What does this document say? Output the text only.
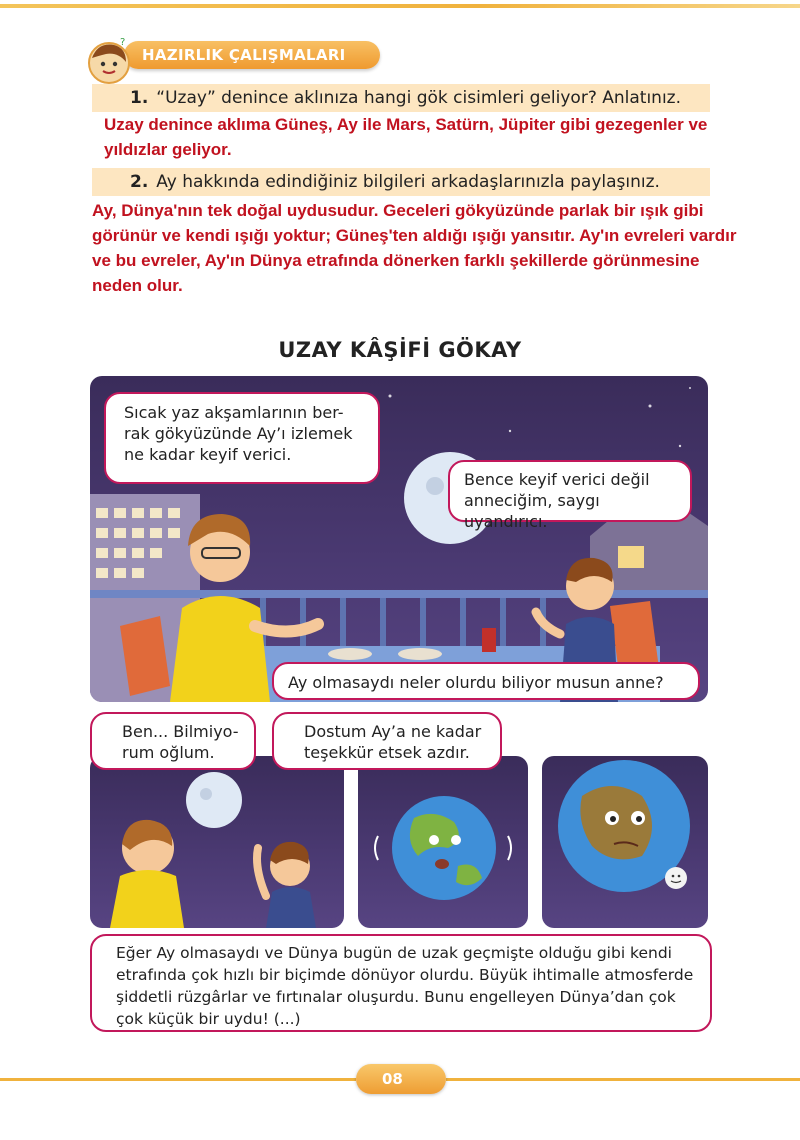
HAZIRLIK ÇALIŞMALARI
?
1. “Uzay” denince aklınıza hangi gök cisimleri geliyor? Anlatınız.
Uzay denince aklıma Güneş, Ay ile Mars, Satürn, Jüpiter gibi gezegenler ve
yıldızlar geliyor.
2. Ay hakkında edindiğiniz bilgileri arkadaşlarınızla paylaşınız.
Ay, Dünya'nın tek doğal uydusudur. Geceleri gökyüzünde parlak bir ışık gibi
görünür ve kendi ışığı yoktur; Güneş'ten aldığı ışığı yansıtır. Ay'ın evreleri vardır
ve bu evreler, Ay'ın Dünya etrafında dönerken farklı şekillerde görünmesine
neden olur.
UZAY KÂŞİFİ GÖKAY
Sıcak yaz akşamlarının ber-
rak gökyüzünde Ay’ı izlemek
ne kadar keyif verici.
Bence keyif verici değil
anneciğim, saygı uyandırıcı.
Ay olmasaydı neler olurdu biliyor musun anne?
Ben... Bilmiyo-
rum oğlum.
Dostum Ay’a ne kadar
teşekkür etsek azdır.
Eğer Ay olmasaydı ve Dünya bugün de uzak geçmişte olduğu gibi kendi
etrafında çok hızlı bir biçimde dönüyor olurdu. Büyük ihtimalle atmosferde
şiddetli rüzgârlar ve fırtınalar oluşurdu. Bunu engelleyen Dünya’dan çok
çok küçük bir uydu! (...)
08
